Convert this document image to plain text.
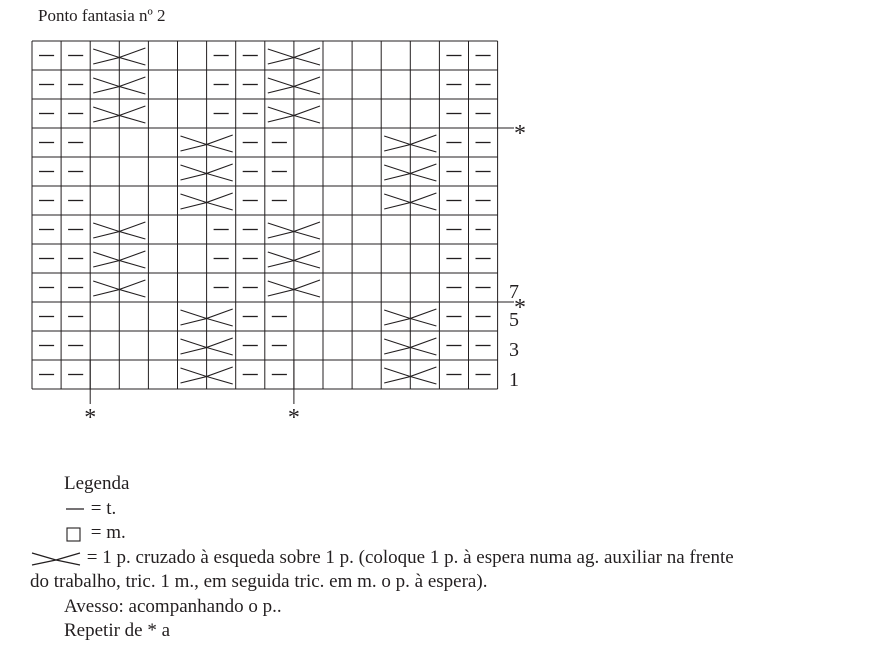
Ponto fantasia nº 2
*
*
*	*
7
5
3
1
Legenda
= t.
= m.
= 1 p. cruzado à esqueda sobre 1 p. (coloque 1 p. à espera numa ag. auxiliar na frente
do trabalho, tric. 1 m., em seguida tric. em m. o p. à espera).
Avesso: acompanhando o p..
Repetir de * a
